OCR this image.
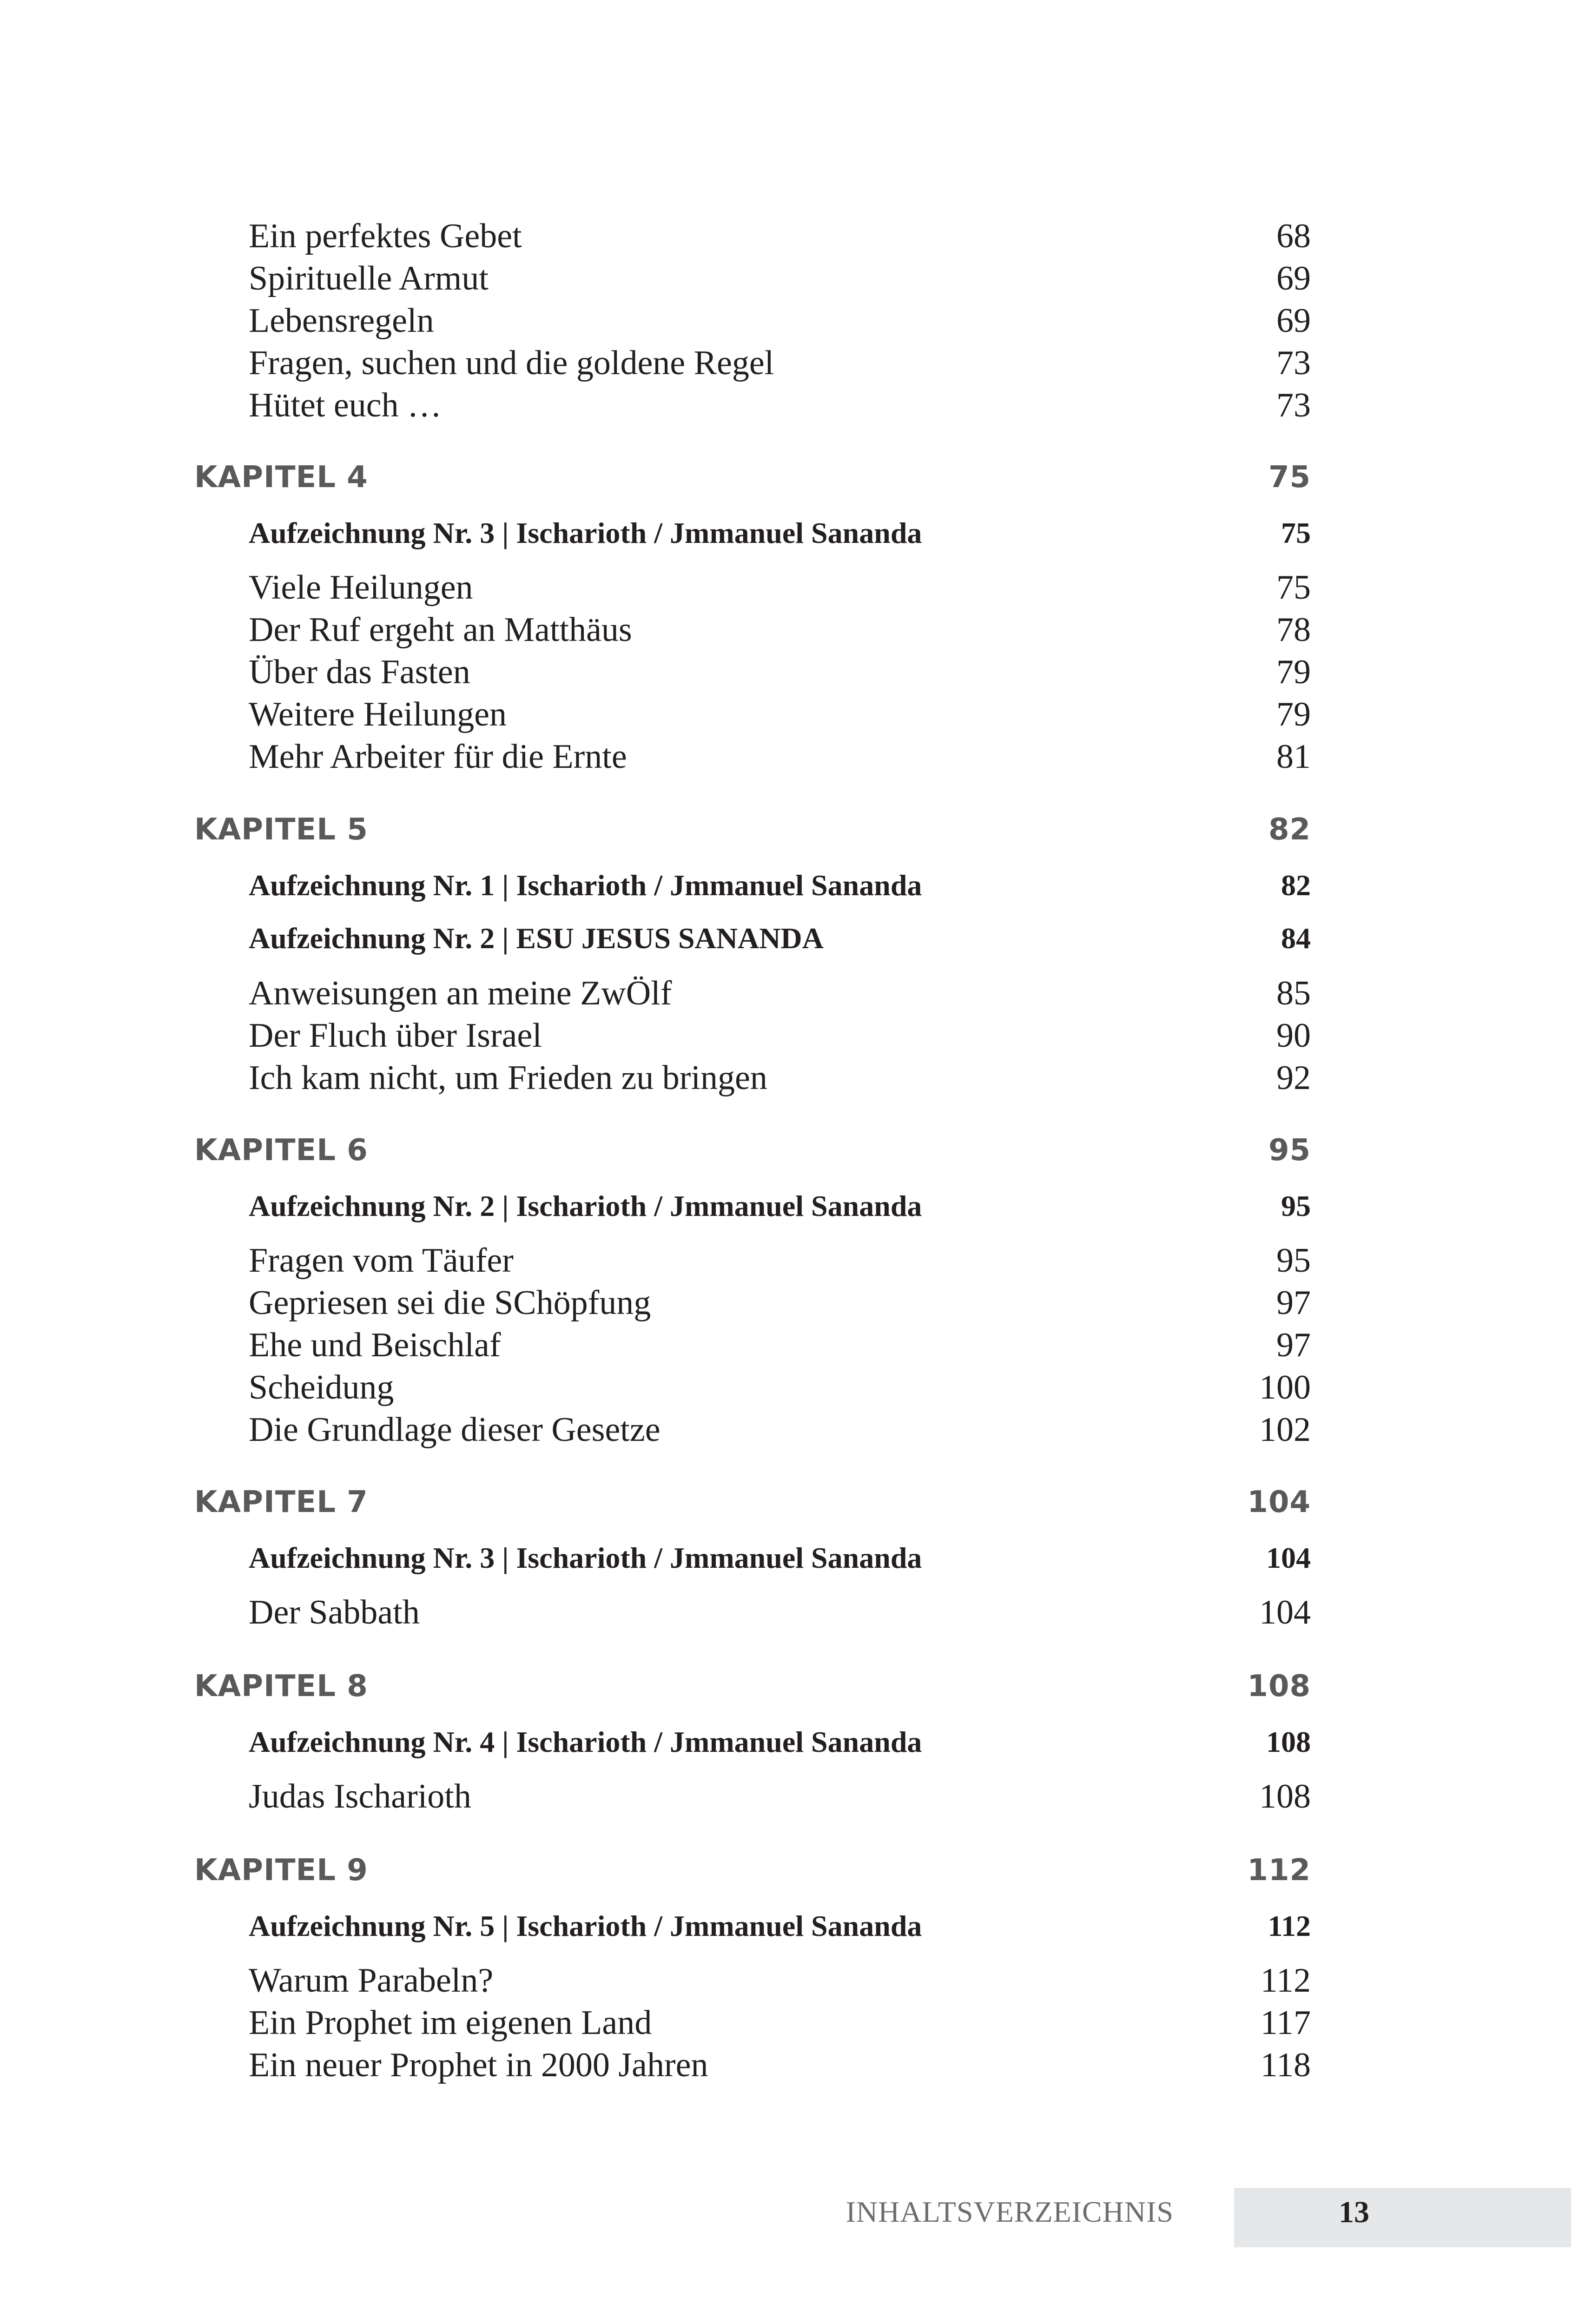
Ein perfektes Gebet	68
Spirituelle Armut	69
Lebensregeln	69
Fragen, suchen und die goldene Regel	73
Hütet euch …	73
KAPITEL 4	75
Aufzeichnung Nr. 3 | Ischarioth / Jmmanuel Sananda	75
Viele Heilungen	75
Der Ruf ergeht an Matthäus	78
Über das Fasten	79
Weitere Heilungen	79
Mehr Arbeiter für die Ernte	81
KAPITEL 5	82
Aufzeichnung Nr. 1 | Ischarioth / Jmmanuel Sananda	82
Aufzeichnung Nr. 2 | ESU JESUS SANANDA	84
Anweisungen an meine ZwÖlf	85
Der Fluch über Israel	90
Ich kam nicht, um Frieden zu bringen	92
KAPITEL 6	95
Aufzeichnung Nr. 2 | Ischarioth / Jmmanuel Sananda	95
Fragen vom Täufer	95
Gepriesen sei die SChöpfung	97
Ehe und Beischlaf	97
Scheidung	100
Die Grundlage dieser Gesetze	102
KAPITEL 7	104
Aufzeichnung Nr. 3 | Ischarioth / Jmmanuel Sananda	104
Der Sabbath	104
KAPITEL 8	108
Aufzeichnung Nr. 4 | Ischarioth / Jmmanuel Sananda	108
Judas Ischarioth	108
KAPITEL 9	112
Aufzeichnung Nr. 5 | Ischarioth / Jmmanuel Sananda	112
Warum Parabeln?	112
Ein Prophet im eigenen Land	117
Ein neuer Prophet in 2000 Jahren	118
INHALTSVERZEICHNIS	13
